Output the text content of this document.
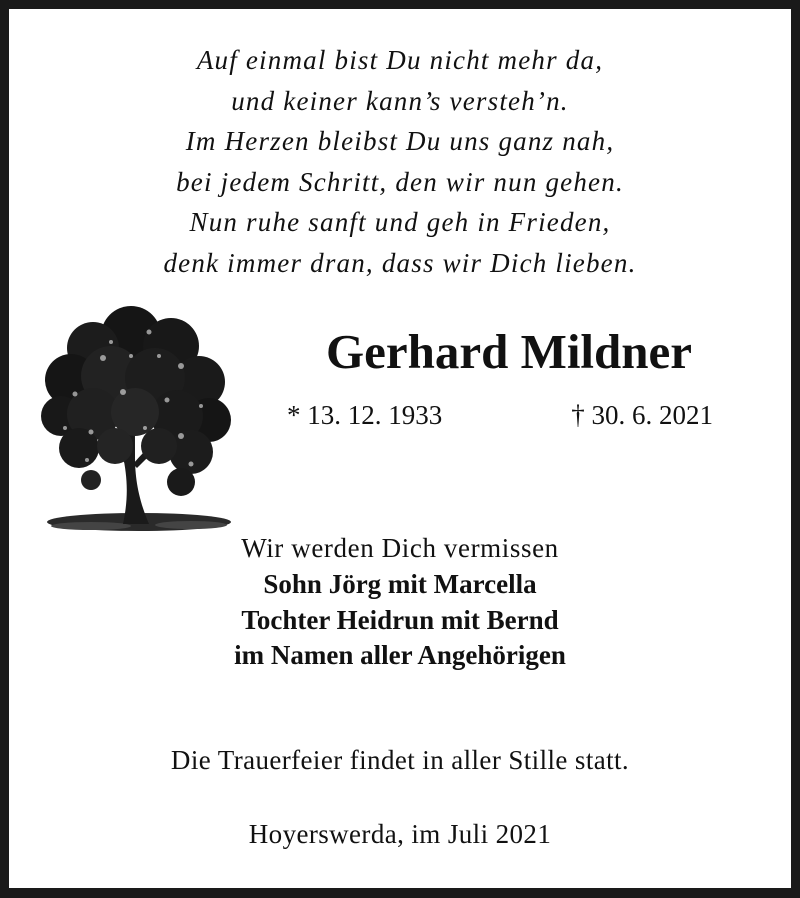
Auf einmal bist Du nicht mehr da,
und keiner kann’s versteh’n.
Im Herzen bleibst Du uns ganz nah,
bei jedem Schritt, den wir nun gehen.
Nun ruhe sanft und geh in Frieden,
denk immer dran, dass wir Dich lieben.
Gerhard Mildner
* 13. 12. 1933	† 30. 6. 2021
Wir werden Dich vermissen
Sohn Jörg mit Marcella
Tochter Heidrun mit Bernd
im Namen aller Angehörigen
Die Trauerfeier findet in aller Stille statt.
Hoyerswerda, im Juli 2021
